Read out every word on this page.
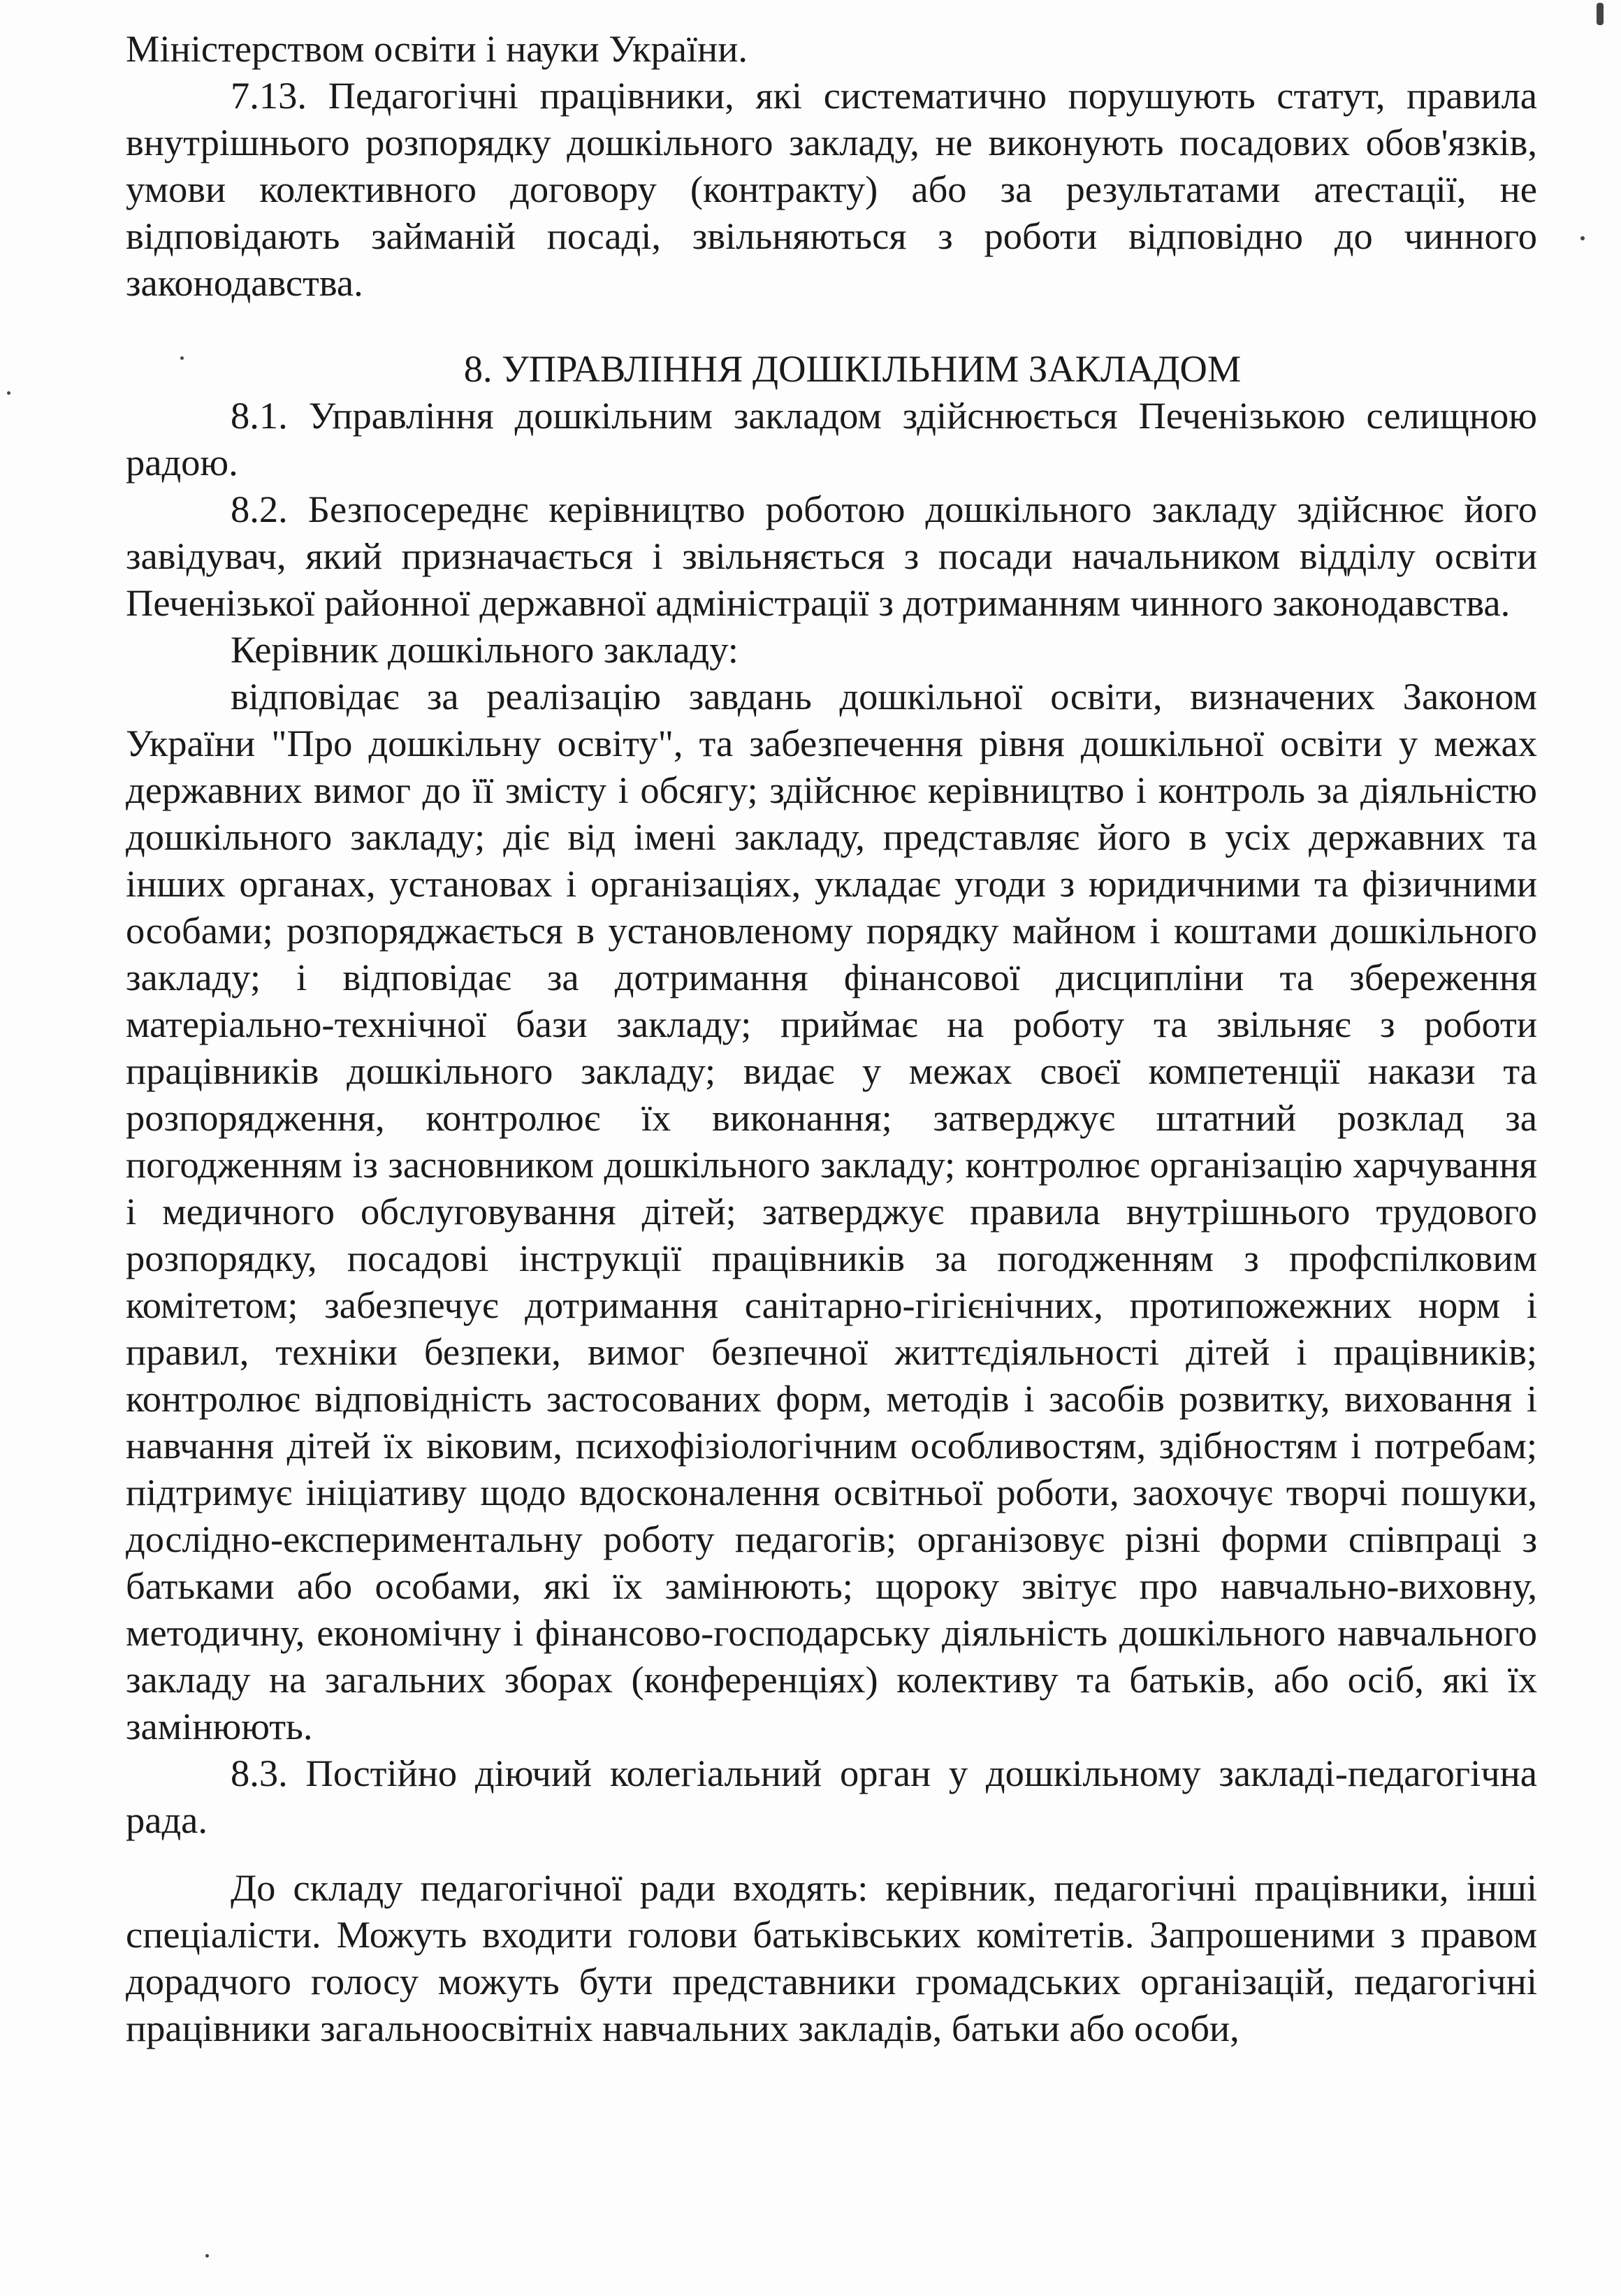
Міністерством освіти і науки України.

7.13. Педагогічні працівники, які систематично порушують статут, правила внутрішнього розпорядку дошкільного закладу, не виконують посадових обов'язків, умови колективного договору (контракту) або за результатами атестації, не відповідають займаній посаді, звільняються з роботи відповідно до чинного законодавства.

8. УПРАВЛІННЯ ДОШКІЛЬНИМ ЗАКЛАДОМ

8.1. Управління дошкільним закладом здійснюється Печенізькою селищною радою.

8.2. Безпосереднє керівництво роботою дошкільного закладу здійснює його завідувач, який призначається і звільняється з посади начальником відділу освіти Печенізької районної державної адміністрації з дотриманням чинного законодавства.

Керівник дошкільного закладу:

відповідає за реалізацію завдань дошкільної освіти, визначених Законом України "Про дошкільну освіту", та забезпечення рівня дошкільної освіти у межах державних вимог до її змісту і обсягу; здійснює керівництво і контроль за діяльністю дошкільного закладу; діє від імені закладу, представляє його в усіх державних та інших органах, установах і організаціях, укладає угоди з юридичними та фізичними особами; розпоряджається в установленому порядку майном і коштами дошкільного закладу; і відповідає за дотримання фінансової дисципліни та збереження матеріально-технічної бази закладу; приймає на роботу та звільняє з роботи працівників дошкільного закладу; видає у межах своєї компетенції накази та розпорядження, контролює їх виконання; затверджує штатний розклад за погодженням із засновником дошкільного закладу; контролює організацію харчування і медичного обслуговування дітей; затверджує правила внутрішнього трудового розпорядку, посадові інструкції працівників за погодженням з профспілковим комітетом; забезпечує дотримання санітарно-гігієнічних, протипожежних норм і правил, техніки безпеки, вимог безпечної життєдіяльності дітей і працівників; контролює відповідність застосованих форм, методів і засобів розвитку, виховання і навчання дітей їх віковим, психофізіологічним особливостям, здібностям і потребам; підтримує ініціативу щодо вдосконалення освітньої роботи, заохочує творчі пошуки, дослідно-експериментальну роботу педагогів; організовує різні форми співпраці з батьками або особами, які їх замінюють; щороку звітує про навчально-виховну, методичну, економічну і фінансово-господарську діяльність дошкільного навчального закладу на загальних зборах (конференціях) колективу та батьків, або осіб, які їх замінюють.

8.3. Постійно діючий колегіальний орган у дошкільному закладі-педагогічна рада.

До складу педагогічної ради входять: керівник, педагогічні працівники, інші спеціалісти. Можуть входити голови батьківських комітетів. Запрошеними з правом дорадчого голосу можуть бути представники громадських організацій, педагогічні працівники загальноосвітніх навчальних закладів, батьки або особи,
